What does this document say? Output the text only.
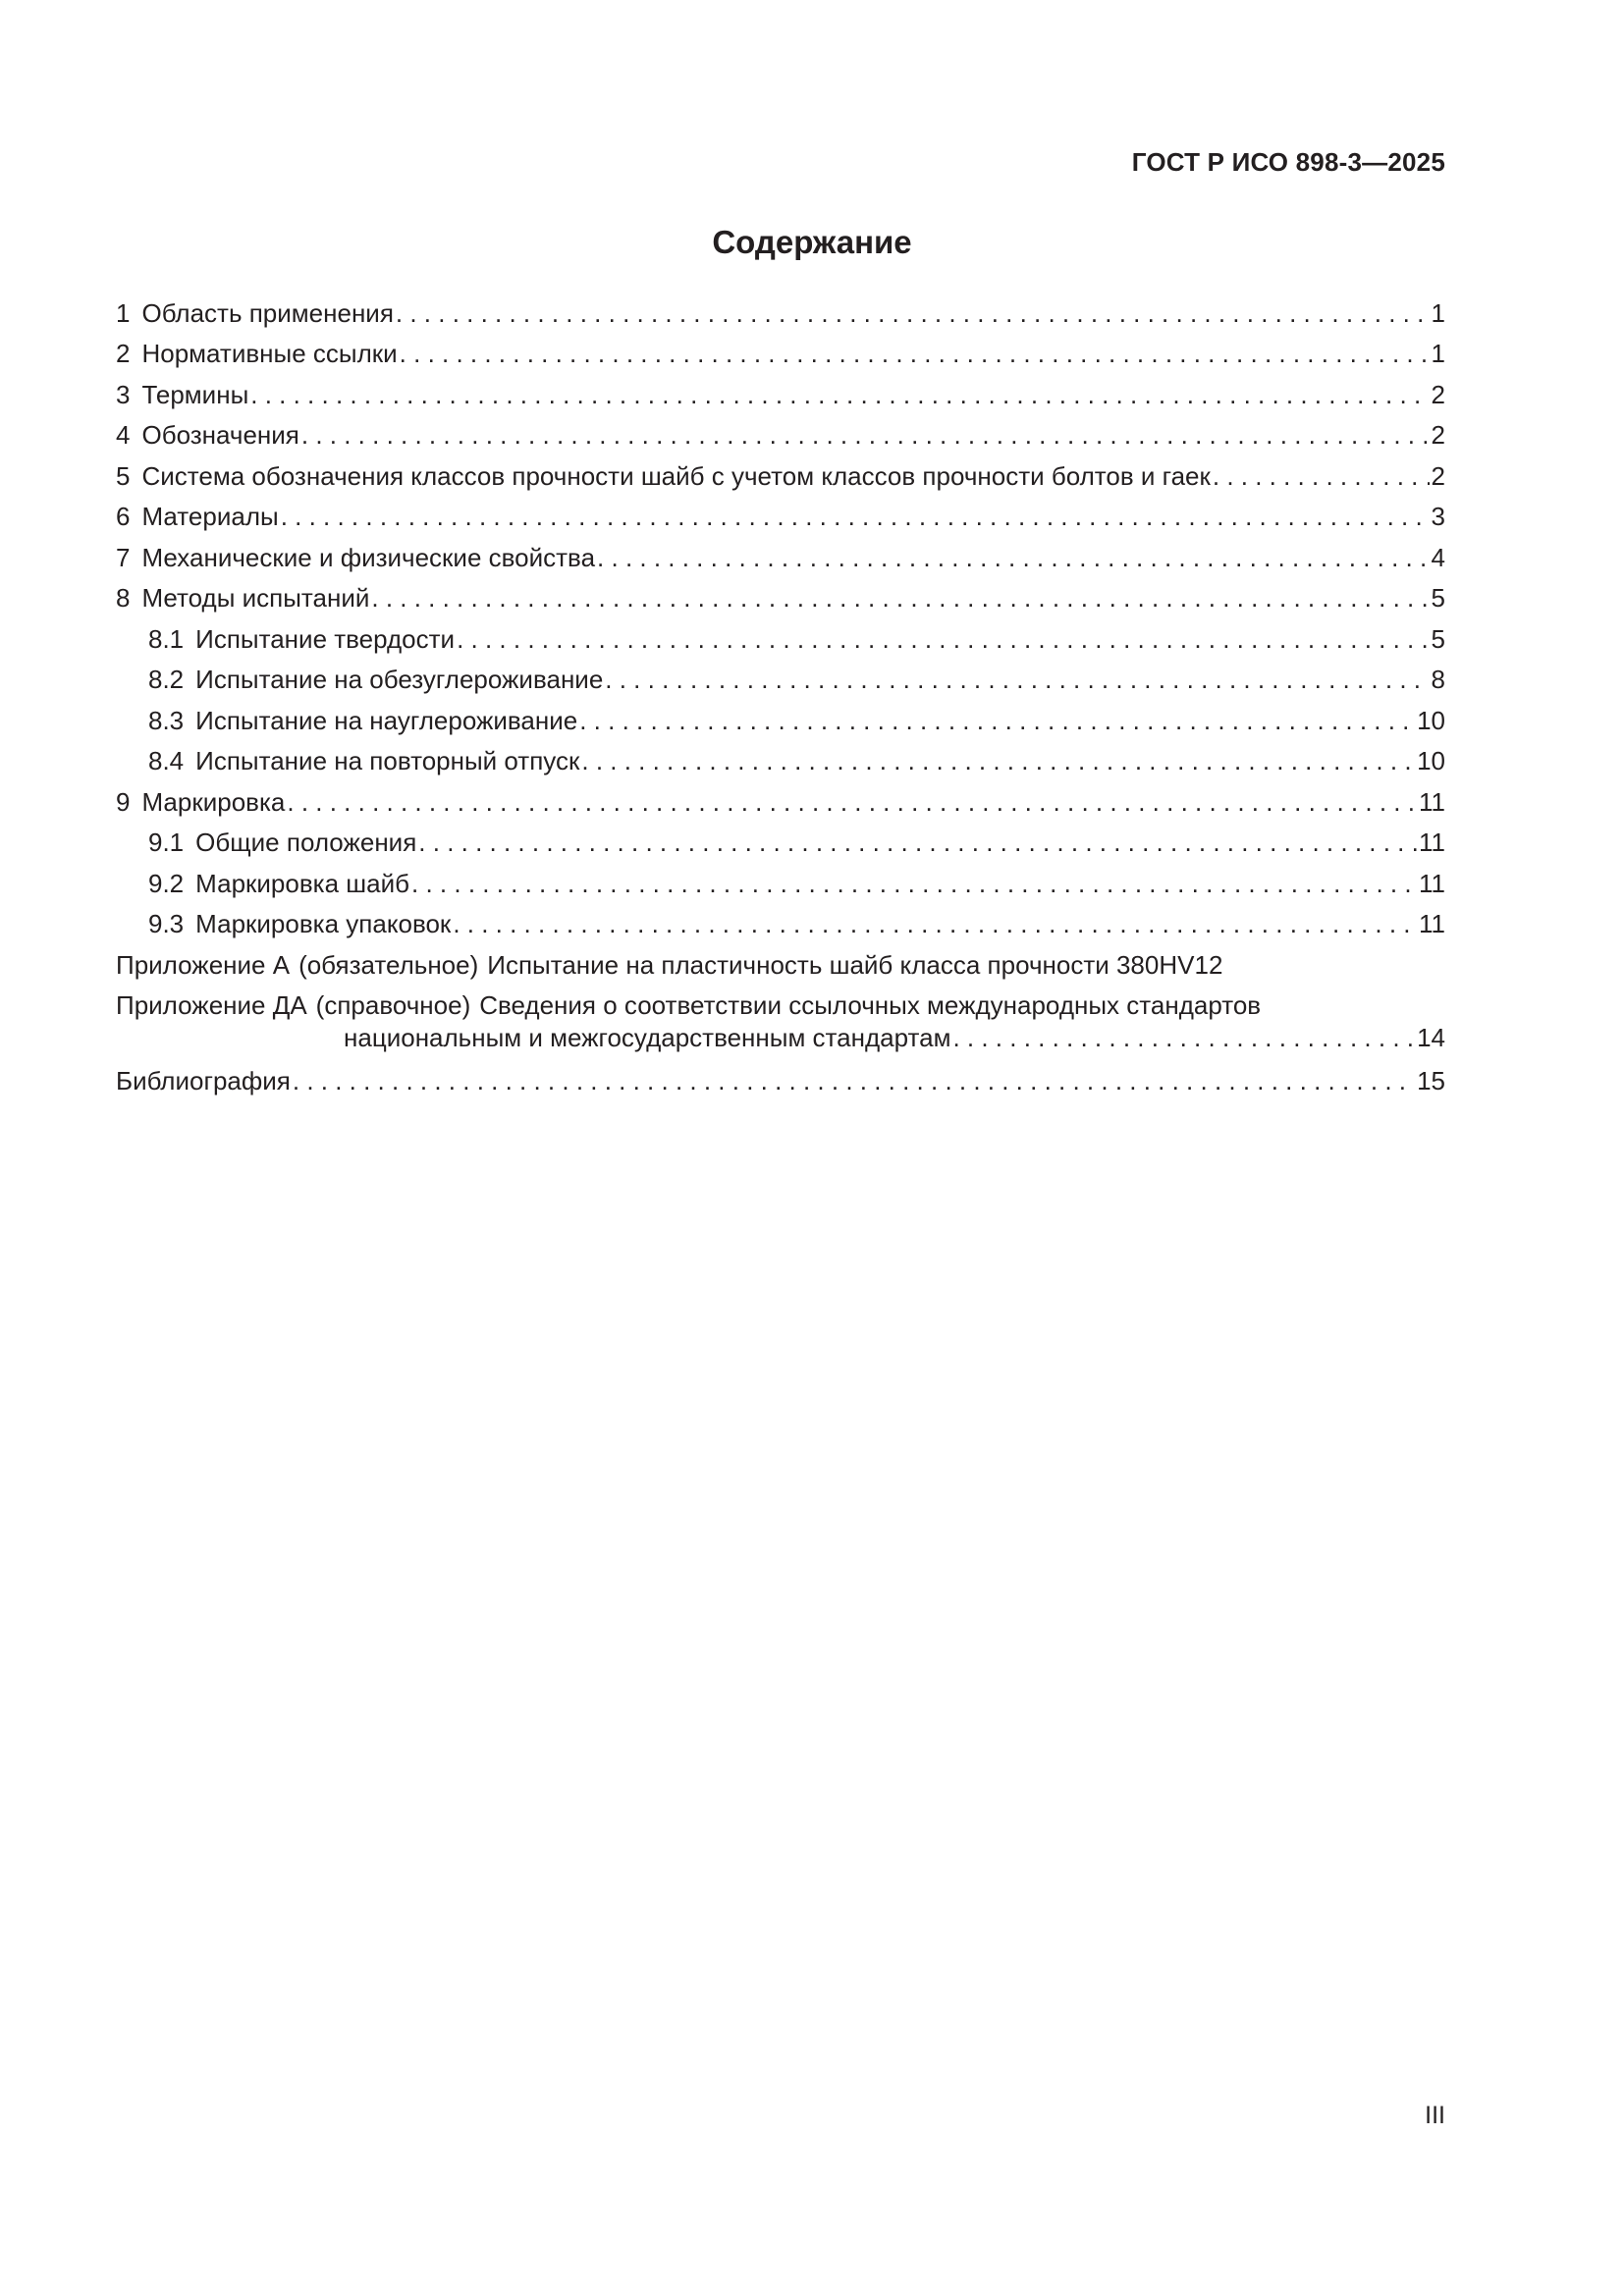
ГОСТ Р ИСО 898-3—2025
Содержание
1 Область применения . . .	1
2 Нормативные ссылки . . .	1
3 Термины . . .	2
4 Обозначения . . .	2
5 Система обозначения классов прочности шайб с учетом классов прочности болтов и гаек . . .	2
6 Материалы . . .	3
7 Механические и физические свойства . . .	4
8 Методы испытаний . . .	5
8.1 Испытание твердости . . .	5
8.2 Испытание на обезуглероживание . . .	8
8.3 Испытание на науглероживание . . .	10
8.4 Испытание на повторный отпуск . . .	10
9 Маркировка . . .	11
9.1 Общие положения . . .	11
9.2 Маркировка шайб . . .	11
9.3 Маркировка упаковок . . .	11
Приложение А (обязательное) Испытание на пластичность шайб класса прочности 380HV 12
Приложение ДА (справочное) Сведения о соответствии ссылочных международных стандартов
национальным и межгосударственным стандартам . . .	14
Библиография . . .	15
III
